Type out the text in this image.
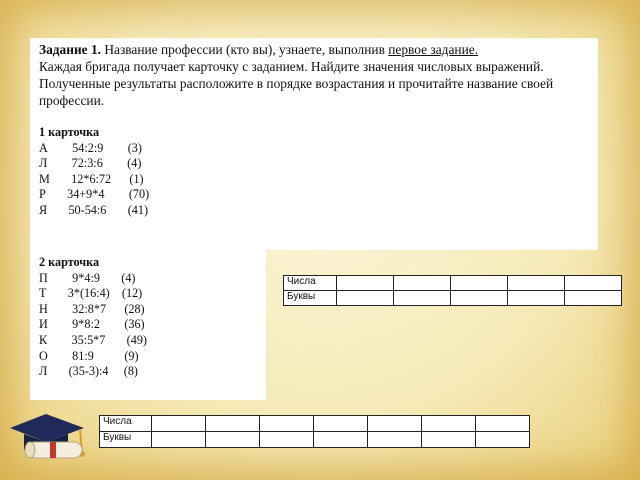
Задание 1. Название профессии (кто вы), узнаете, выполнив первое задание.

Каждая бригада получает карточку с заданием. Найдите значения числовых выражений. Полученные результаты расположите в порядке возрастания и прочитайте название своей профессии.

1 карточка
А        54:2:9        (3)
Л        72:3:6        (4)
М       12*6:72      (1)
Р       34+9*4        (70)
Я       50-54:6       (41)
2 карточка
П        9*4:9       (4)
Т       3*(16:4)    (12)
Н        32:8*7      (28)
И        9*8:2        (36)
К        35:5*7       (49)
О        81:9          (9)
Л       (35-3):4     (8)
Числа					
Буквы					
Числа							
Буквы							
